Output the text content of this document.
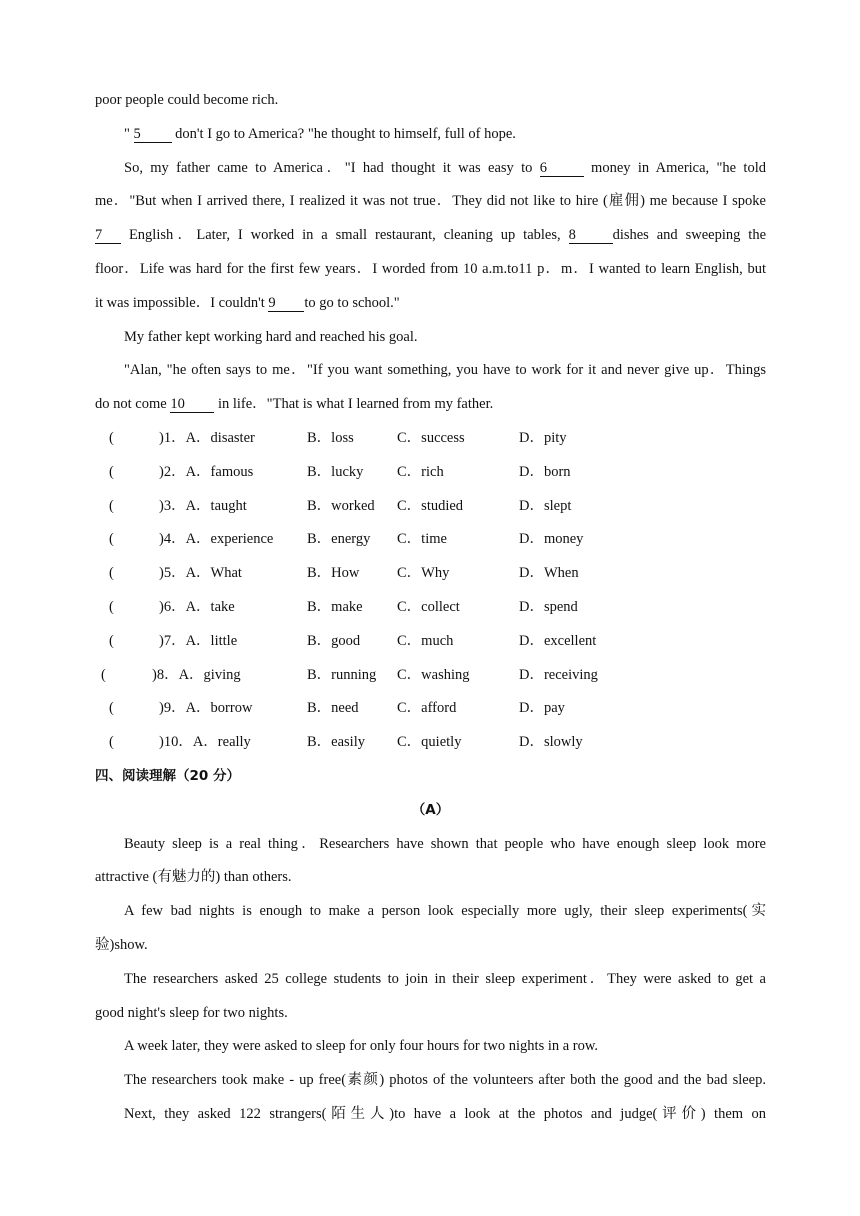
poor people could become rich.
" 5 don't I go to America? "he thought to himself, full of hope.
So, my father came to America．"I had thought it was easy to 6	money in America, "he told
me．"But when I arrived there, I realized it was not true．They did not like to hire (雇佣) me because I spoke
7 English．Later, I worked in a small restaurant, cleaning up tables, 8	dishes and sweeping the
floor．Life was hard for the first few years．I worded from 10 a.m.to11 p．m．I wanted to learn English, but
it was impossible．I couldn't 9 to go to school."
My father kept working hard and reached his goal.
"Alan, "he often says to me．"If you want something, you have to work for it and never give up．Things
do not come 10 in life．"That is what I learned from my father.
(	)1．A．disaster	B．loss	C．success	D．pity
(	)2．A．famous	B．lucky C．rich	D．born
(	)3．A．taught	B．worked C．studied	D．slept
(	)4．A．experience B．energy C．time	D．money
(	)5．A．What	B．How	C．Why	D．When
(	)6．A．take	B．make C．collect	D．spend
(	)7．A．little	B．good	C．much	D．excellent
(	)8．A．giving	B．running C．washing	D．receiving
(	)9．A．borrow	B．need	C．afford	D．pay
(	)10．A．really	B．easily C．quietly	D．slowly
四、阅读理解（20 分）
（A）
Beauty sleep is a real thing．Researchers have shown that people who have enough sleep look more
attractive (有魅力的) than others.
A few bad nights is enough to make a person look especially more ugly, their sleep experiments(实
验)show.
The researchers asked 25 college students to join in their sleep experiment．They were asked to get a
good night's sleep for two nights.
A week later, they were asked to sleep for only four hours for two nights in a row.
The researchers took make - up free(素颜) photos of the volunteers after both the good and the bad sleep.
Next, they asked 122 strangers(陌生人)to have a look at the photos and judge(评价) them on
